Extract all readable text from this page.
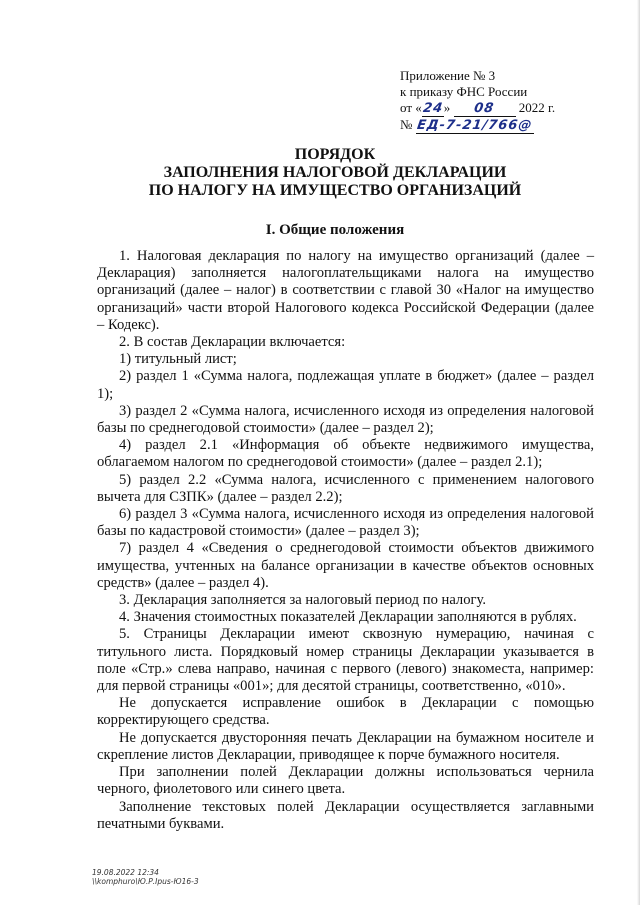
Приложение № 3
к приказу ФНС России
от «24» 08 2022 г.
№ ЕД-7-21/766@
ПОРЯДОК
ЗАПОЛНЕНИЯ НАЛОГОВОЙ ДЕКЛАРАЦИИ
ПО НАЛОГУ НА ИМУЩЕСТВО ОРГАНИЗАЦИЙ
I. Общие положения

1. Налоговая декларация по налогу на имущество организаций (далее – Декларация) заполняется налогоплательщиками налога на имущество организаций (далее – налог) в соответствии с главой 30 «Налог на имущество организаций» части второй Налогового кодекса Российской Федерации (далее – Кодекс).

2. В состав Декларации включается:

1) титульный лист;

2) раздел 1 «Сумма налога, подлежащая уплате в бюджет» (далее – раздел 1);

3) раздел 2 «Сумма налога, исчисленного исходя из определения налоговой базы по среднегодовой стоимости» (далее – раздел 2);

4) раздел 2.1 «Информация об объекте недвижимого имущества, облагаемом налогом по среднегодовой стоимости» (далее – раздел 2.1);

5) раздел 2.2 «Сумма налога, исчисленного с применением налогового вычета для СЗПК» (далее – раздел 2.2);

6) раздел 3 «Сумма налога, исчисленного исходя из определения налоговой базы по кадастровой стоимости» (далее – раздел 3);

7) раздел 4 «Сведения о среднегодовой стоимости объектов движимого имущества, учтенных на балансе организации в качестве объектов основных средств» (далее – раздел 4).

3. Декларация заполняется за налоговый период по налогу.

4. Значения стоимостных показателей Декларации заполняются в рублях.

5. Страницы Декларации имеют сквозную нумерацию, начиная с титульного листа. Порядковый номер страницы Декларации указывается в поле «Стр.» слева направо, начиная с первого (левого) знакоместа, например: для первой страницы «001»; для десятой страницы, соответственно, «010».

Не допускается исправление ошибок в Декларации с помощью корректирующего средства.

Не допускается двусторонняя печать Декларации на бумажном носителе и скрепление листов Декларации, приводящее к порче бумажного носителя.

При заполнении полей Декларации должны использоваться чернила черного, фиолетового или синего цвета.

Заполнение текстовых полей Декларации осуществляется заглавными печатными буквами.

19.08.2022 12:34
\\komphuro\Ю.Р.Ipus-Ю16-3
